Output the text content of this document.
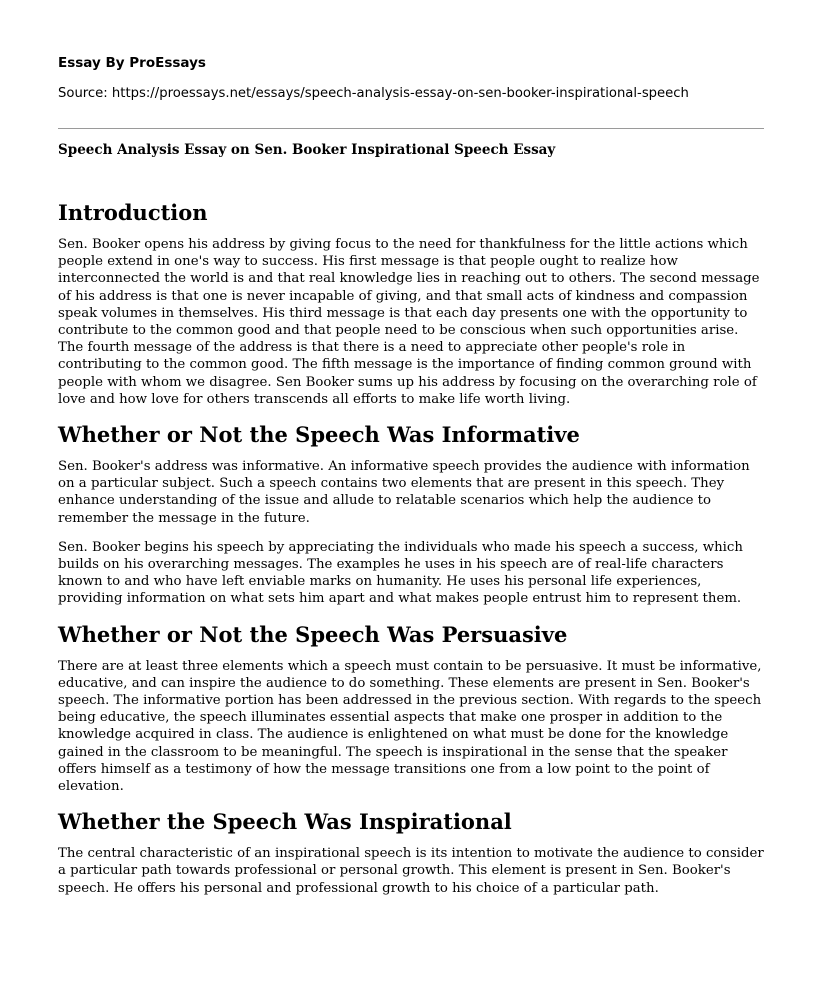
Essay By ProEssays
Source: https://proessays.net/essays/speech-analysis-essay-on-sen-booker-inspirational-speech
Speech Analysis Essay on Sen. Booker Inspirational Speech Essay
Introduction

Sen. Booker opens his address by giving focus to the need for thankfulness for the little actions which people extend in one's way to success. His first message is that people ought to realize how interconnected the world is and that real knowledge lies in reaching out to others. The second message of his address is that one is never incapable of giving, and that small acts of kindness and compassion speak volumes in themselves. His third message is that each day presents one with the opportunity to contribute to the common good and that people need to be conscious when such opportunities arise. The fourth message of the address is that there is a need to appreciate other people's role in contributing to the common good. The fifth message is the importance of finding common ground with people with whom we disagree. Sen Booker sums up his address by focusing on the overarching role of love and how love for others transcends all efforts to make life worth living.

Whether or Not the Speech Was Informative

Sen. Booker's address was informative. An informative speech provides the audience with information on a particular subject. Such a speech contains two elements that are present in this speech. They enhance understanding of the issue and allude to relatable scenarios which help the audience to remember the message in the future.

Sen. Booker begins his speech by appreciating the individuals who made his speech a success, which builds on his overarching messages. The examples he uses in his speech are of real-life characters known to and who have left enviable marks on humanity. He uses his personal life experiences, providing information on what sets him apart and what makes people entrust him to represent them.

Whether or Not the Speech Was Persuasive

There are at least three elements which a speech must contain to be persuasive. It must be informative, educative, and can inspire the audience to do something. These elements are present in Sen. Booker's speech. The informative portion has been addressed in the previous section. With regards to the speech being educative, the speech illuminates essential aspects that make one prosper in addition to the knowledge acquired in class. The audience is enlightened on what must be done for the knowledge gained in the classroom to be meaningful. The speech is inspirational in the sense that the speaker offers himself as a testimony of how the message transitions one from a low point to the point of elevation.

Whether the Speech Was Inspirational

The central characteristic of an inspirational speech is its intention to motivate the audience to consider a particular path towards professional or personal growth. This element is present in Sen. Booker's speech. He offers his personal and professional growth to his choice of a particular path.
